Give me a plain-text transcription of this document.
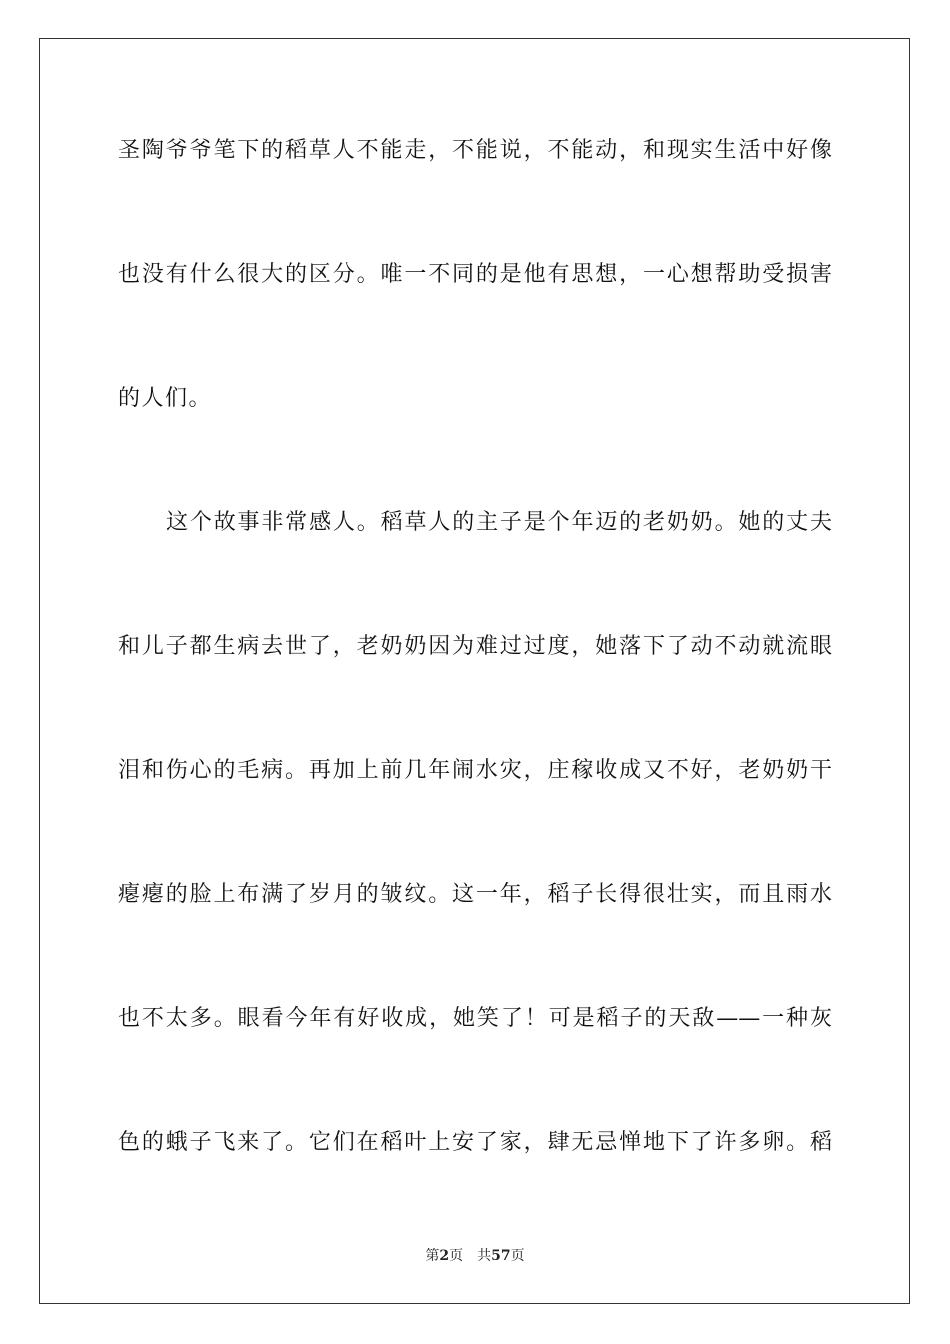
圣陶爷爷笔下的稻草人不能走，不能说，不能动，和现实生活中好像
也没有什么很大的区分。唯一不同的是他有思想，一心想帮助受损害
的人们。
这个故事非常感人。稻草人的主子是个年迈的老奶奶。她的丈夫
和儿子都生病去世了，老奶奶因为难过过度，她落下了动不动就流眼
泪和伤心的毛病。再加上前几年闹水灾，庄稼收成又不好，老奶奶干
瘪瘪的脸上布满了岁月的皱纹。这一年，稻子长得很壮实，而且雨水
也不太多。眼看今年有好收成，她笑了！可是稻子的天敌——一种灰
色的蛾子飞来了。它们在稻叶上安了家，肆无忌惮地下了许多卵。稻
第2页 共57页
